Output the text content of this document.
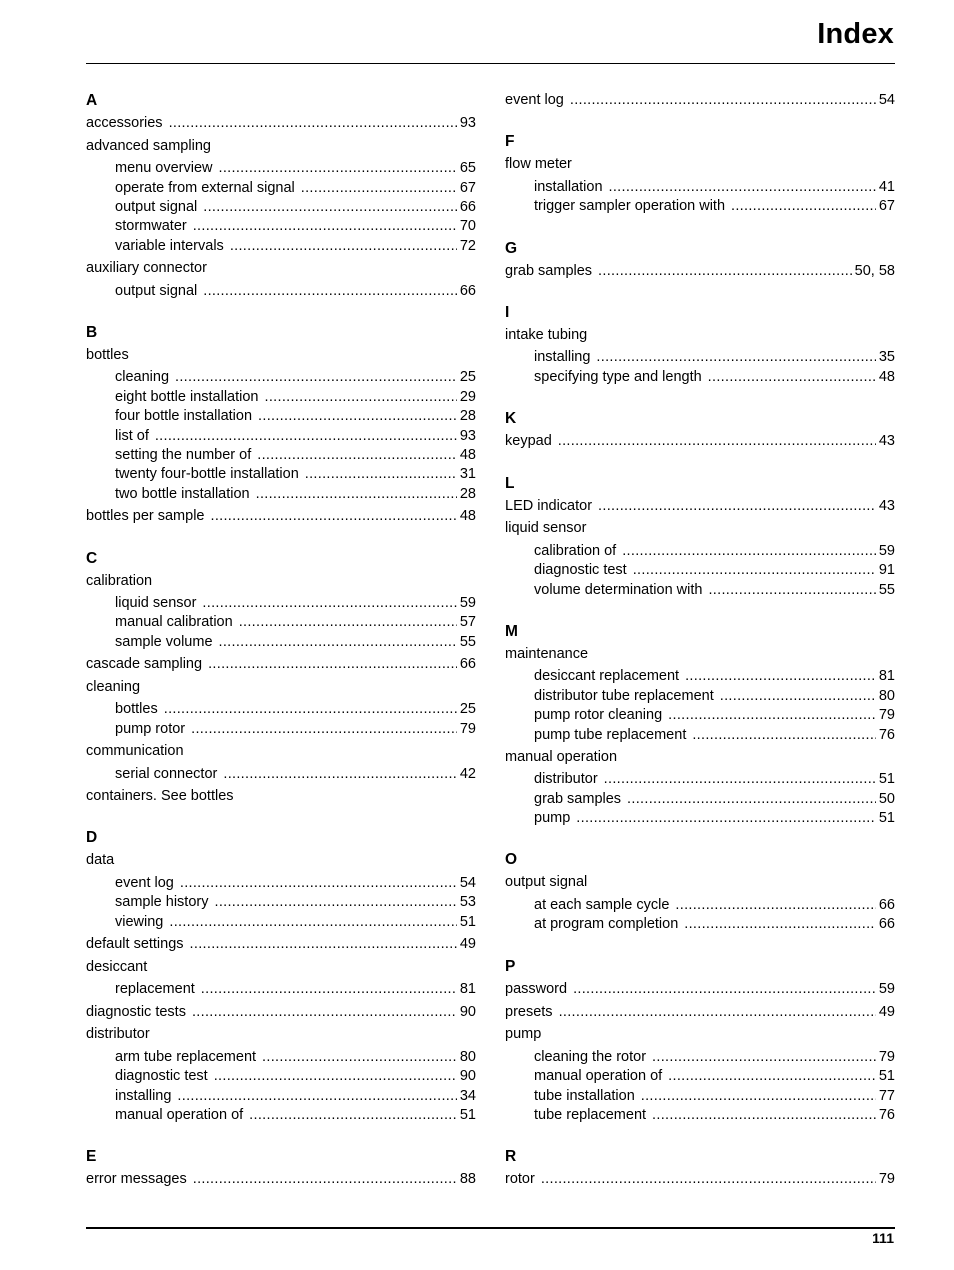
Index
A
accessories .....	93
advanced sampling
menu overview .....	65
operate from external signal .....	67
output signal .....	66
stormwater .....	70
variable intervals .....	72
auxiliary connector
output signal .....	66
B
bottles
cleaning .....	25
eight bottle installation .....	29
four bottle installation .....	28
list of .....	93
setting the number of .....	48
twenty four-bottle installation .....	31
two bottle installation .....	28
bottles per sample .....	48
C
calibration
liquid sensor .....	59
manual calibration .....	57
sample volume .....	55
cascade sampling .....	66
cleaning
bottles .....	25
pump rotor .....	79
communication
serial connector .....	42
containers. See bottles
D
data
event log .....	54
sample history .....	53
viewing .....	51
default settings .....	49
desiccant
replacement .....	81
diagnostic tests .....	90
distributor
arm tube replacement .....	80
diagnostic test .....	90
installing .....	34
manual operation of .....	51
E
error messages .....	88
event log .....	54
F
flow meter
installation .....	41
trigger sampler operation with .....	67
G
grab samples .....	50, 58
I
intake tubing
installing .....	35
specifying type and length .....	48
K
keypad .....	43
L
LED indicator .....	43
liquid sensor
calibration of .....	59
diagnostic test .....	91
volume determination with .....	55
M
maintenance
desiccant replacement .....	81
distributor tube replacement .....	80
pump rotor cleaning .....	79
pump tube replacement .....	76
manual operation
distributor .....	51
grab samples .....	50
pump .....	51
O
output signal
at each sample cycle .....	66
at program completion .....	66
P
password .....	59
presets .....	49
pump
cleaning the rotor .....	79
manual operation of .....	51
tube installation .....	77
tube replacement .....	76
R
rotor .....	79
111
